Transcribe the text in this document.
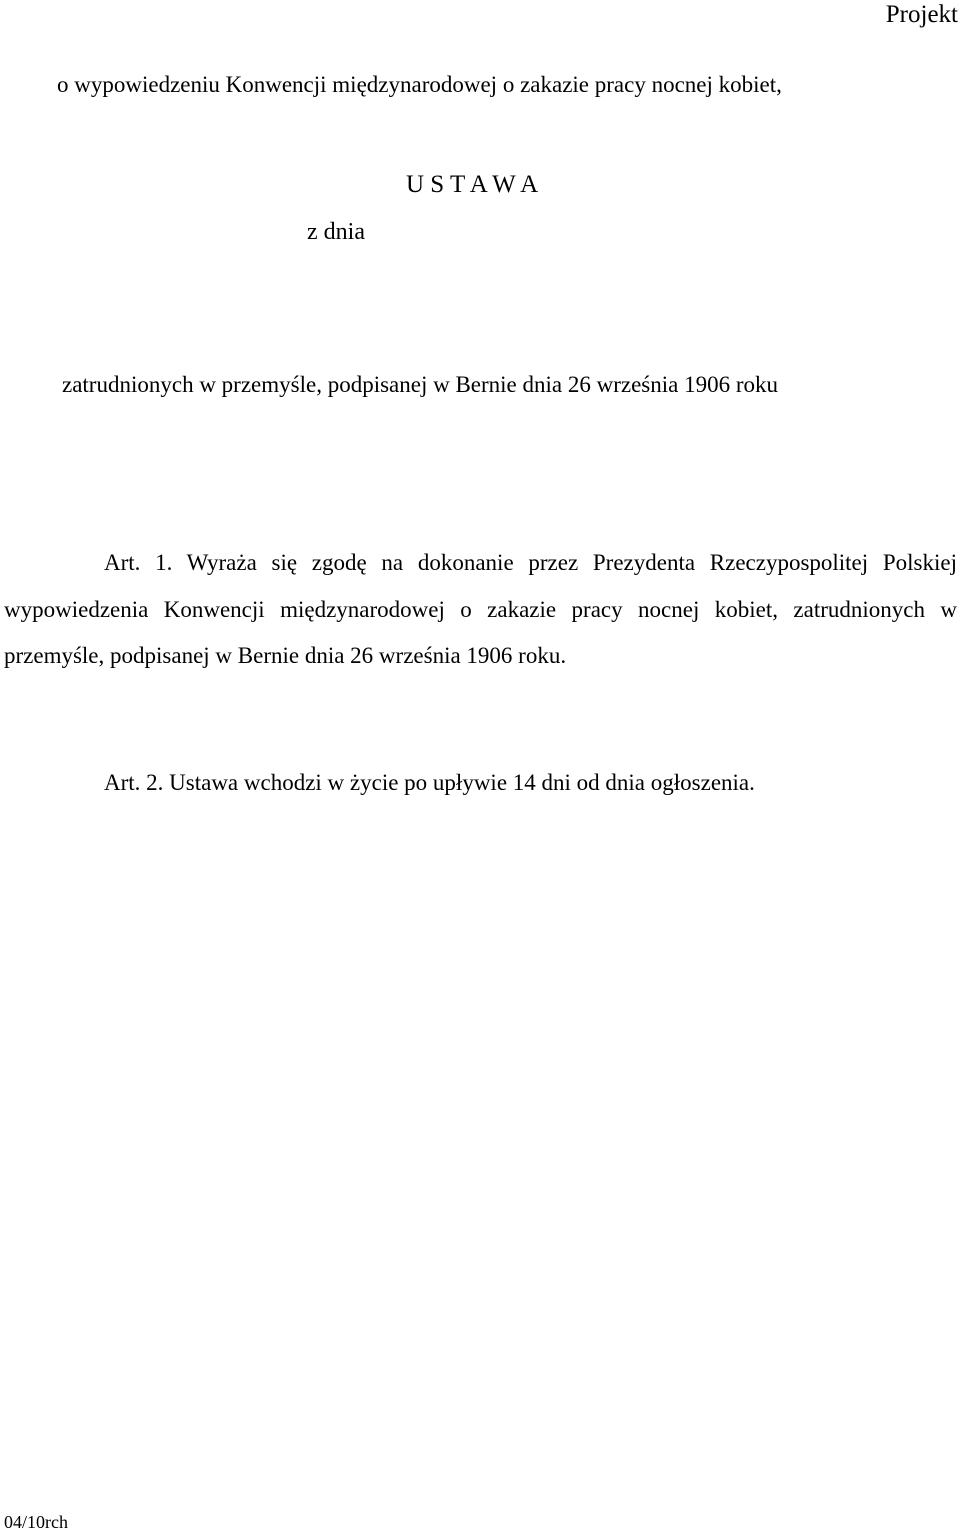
Projekt
U S T A W A
z dnia
o wypowiedzeniu Konwencji międzynarodowej o zakazie pracy nocnej kobiet,
zatrudnionych w przemyśle, podpisanej w Bernie dnia 26 września 1906 roku

Art. 1. Wyraża się zgodę na dokonanie przez Prezydenta Rzeczypospolitej Polskiej wypowiedzenia Konwencji międzynarodowej o zakazie pracy nocnej kobiet, zatrudnionych w przemyśle, podpisanej w Bernie dnia 26 września 1906 roku.

Art. 2. Ustawa wchodzi w życie po upływie 14 dni od dnia ogłoszenia.

04/10rch
